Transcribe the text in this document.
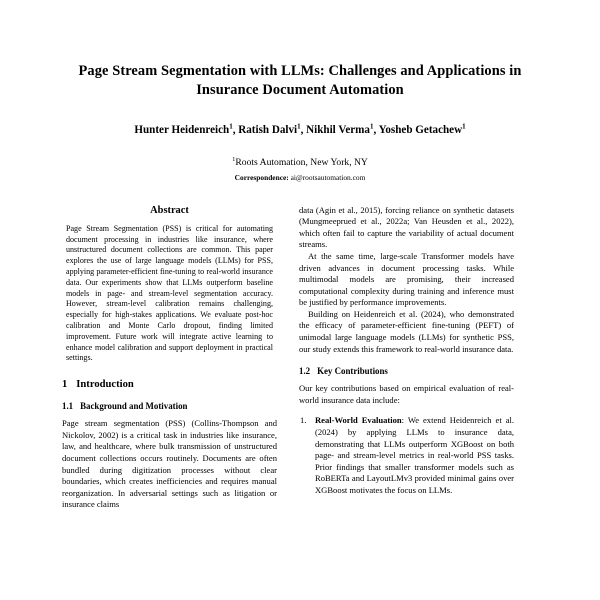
Page Stream Segmentation with LLMs: Challenges and Applications in Insurance Document Automation
Hunter Heidenreich$^1$, Ratish Dalvi$^1$, Nikhil Verma$^1$, Yosheb Getachew$^1$
$^1$Roots Automation, New York, NY
Correspondence: ai@rootsautomation.com
Abstract

Page Stream Segmentation (PSS) is critical for automating document processing in industries like insurance, where unstructured document collections are common. This paper explores the use of large language models (LLMs) for PSS, applying parameter-efficient fine-tuning to real-world insurance data. Our experiments show that LLMs outperform baseline models in page- and stream-level segmentation accuracy. However, stream-level calibration remains challenging, especially for high-stakes applications. We evaluate post-hoc calibration and Monte Carlo dropout, finding limited improvement. Future work will integrate active learning to enhance model calibration and support deployment in practical settings.

1 Introduction
1.1 Background and Motivation

Page stream segmentation (PSS) (Collins-Thompson and Nickolov, 2002) is a critical task in industries like insurance, law, and healthcare, where bulk transmission of unstructured document collections occurs routinely. Documents are often bundled during digitization processes without clear boundaries, which creates inefficiencies and requires manual reorganization. In adversarial settings such as litigation or insurance claims

data (Agin et al., 2015), forcing reliance on synthetic datasets (Mungmeeprued et al., 2022a; Van Heusden et al., 2022), which often fail to capture the variability of actual document streams.

At the same time, large-scale Transformer models have driven advances in document processing tasks. While multimodal models are promising, their increased computational complexity during training and inference must be justified by performance improvements.

Building on Heidenreich et al. (2024), who demonstrated the efficacy of parameter-efficient fine-tuning (PEFT) of unimodal large language models (LLMs) for synthetic PSS, our study extends this framework to real-world insurance data.

1.2 Key Contributions

Our key contributions based on empirical evaluation of real-world insurance data include:

1. Real-World Evaluation: We extend Heidenreich et al. (2024) by applying LLMs to insurance data, demonstrating that LLMs outperform XGBoost on both page- and stream-level metrics in real-world PSS tasks. Prior findings that smaller transformer models such as RoBERTa and LayoutLMv3 provided minimal gains over XGBoost motivates the focus on LLMs.
